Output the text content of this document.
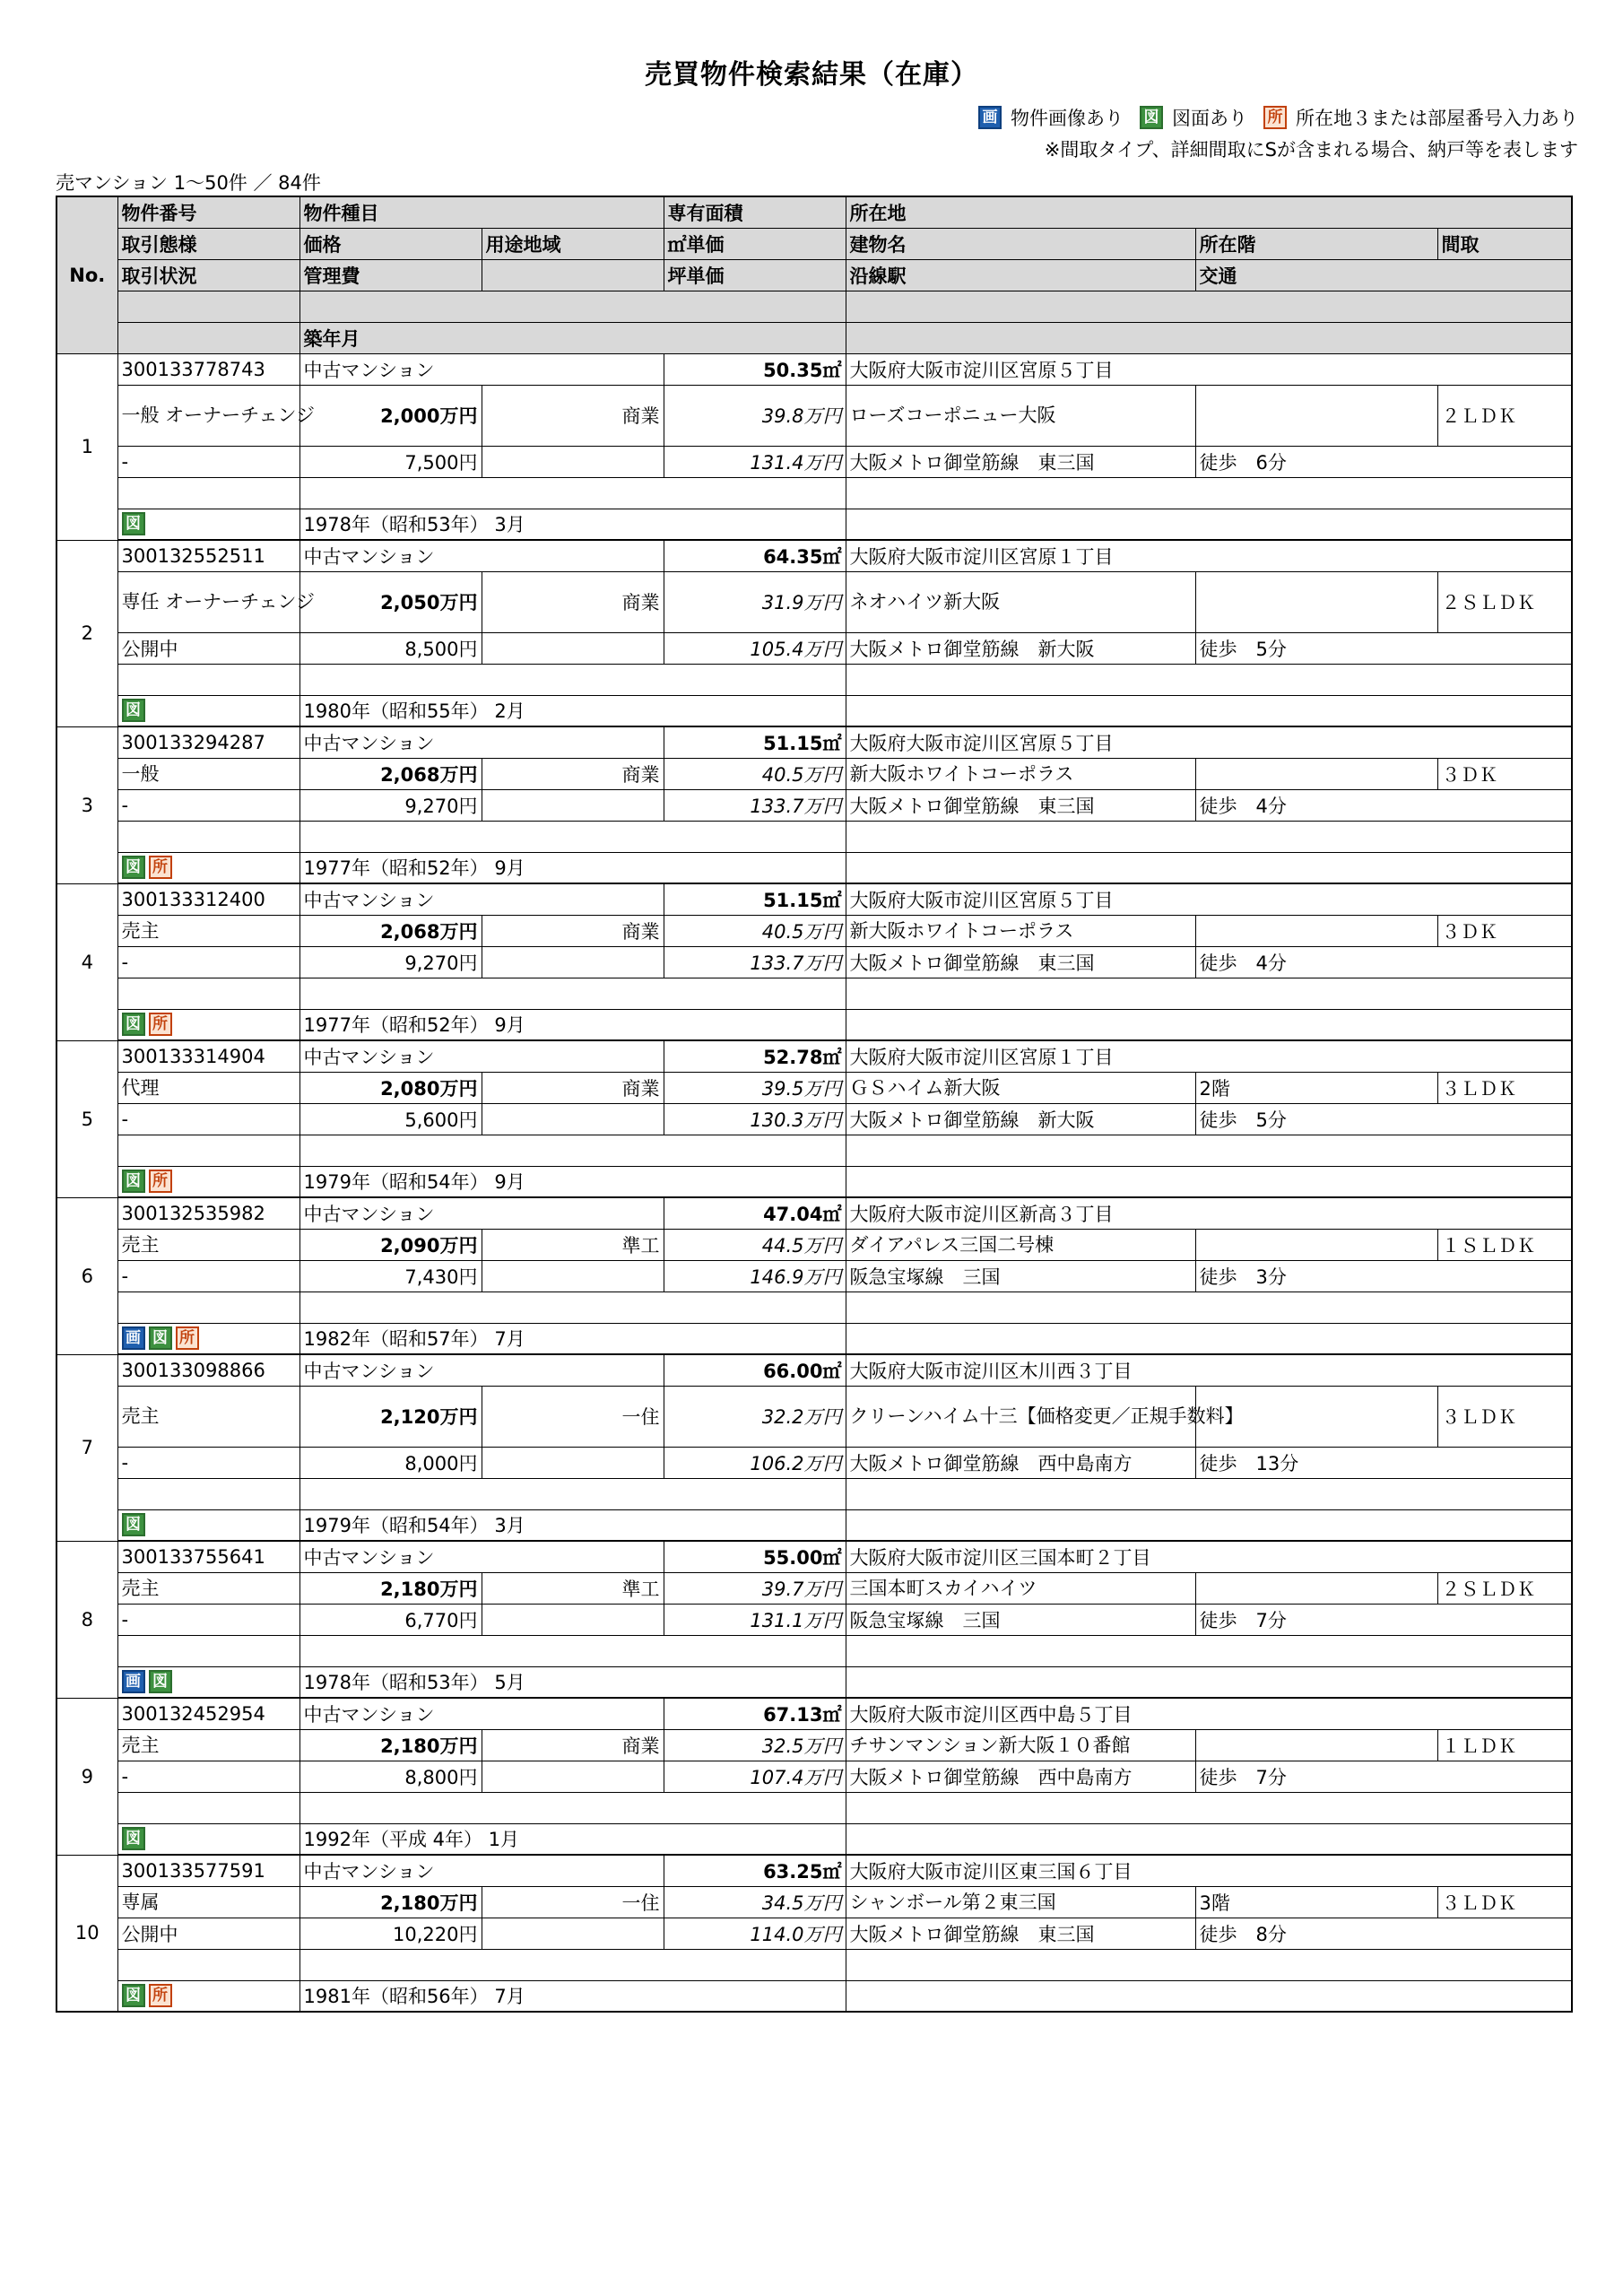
売買物件検索結果（在庫）
画 物件画像あり 図 図面あり 所 所在地３または部屋番号入力あり
※間取タイプ、詳細間取にSが含まれる場合、納戸等を表します
売マンション 1～50件 ／ 84件
No.	物件番号	物件種目		専有面積	所在地		
	取引態様	価格	用途地域	㎡単価	建物名	所在階	間取
	取引状況	管理費		坪単価	沿線駅	交通	

		築年月					
1	300133778743	中古マンション		50.35㎡	大阪府大阪市淀川区宮原５丁目		
	一般 オーナーチェンジ	2,000万円	商業	39.8万円	ローズコーポニュー大阪		２ＬＤＫ
	-	7,500円		131.4万円	大阪メトロ御堂筋線　東三国	徒歩　6分	

	図	1978年（昭和53年） 3月					
2	300132552511	中古マンション		64.35㎡	大阪府大阪市淀川区宮原１丁目		
	専任 オーナーチェンジ	2,050万円	商業	31.9万円	ネオハイツ新大阪		２ＳＬＤＫ
	公開中	8,500円		105.4万円	大阪メトロ御堂筋線　新大阪	徒歩　5分	

	図	1980年（昭和55年） 2月					
3	300133294287	中古マンション		51.15㎡	大阪府大阪市淀川区宮原５丁目		
	一般	2,068万円	商業	40.5万円	新大阪ホワイトコーポラス		３ＤＫ
	-	9,270円		133.7万円	大阪メトロ御堂筋線　東三国	徒歩　4分	

	図 所	1977年（昭和52年） 9月					
4	300133312400	中古マンション		51.15㎡	大阪府大阪市淀川区宮原５丁目		
	売主	2,068万円	商業	40.5万円	新大阪ホワイトコーポラス		３ＤＫ
	-	9,270円		133.7万円	大阪メトロ御堂筋線　東三国	徒歩　4分	

	図 所	1977年（昭和52年） 9月					
5	300133314904	中古マンション		52.78㎡	大阪府大阪市淀川区宮原１丁目		
	代理	2,080万円	商業	39.5万円	ＧＳハイム新大阪	2階	３ＬＤＫ
	-	5,600円		130.3万円	大阪メトロ御堂筋線　新大阪	徒歩　5分	

	図 所	1979年（昭和54年） 9月					
6	300132535982	中古マンション		47.04㎡	大阪府大阪市淀川区新高３丁目		
	売主	2,090万円	準工	44.5万円	ダイアパレス三国二号棟		１ＳＬＤＫ
	-	7,430円		146.9万円	阪急宝塚線　三国	徒歩　3分	

	画 図 所	1982年（昭和57年） 7月					
7	300133098866	中古マンション		66.00㎡	大阪府大阪市淀川区木川西３丁目		
	売主	2,120万円	一住	32.2万円	クリーンハイム十三【価格変更／正規手数料】		３ＬＤＫ
	-	8,000円		106.2万円	大阪メトロ御堂筋線　西中島南方	徒歩　13分	

	図	1979年（昭和54年） 3月					
8	300133755641	中古マンション		55.00㎡	大阪府大阪市淀川区三国本町２丁目		
	売主	2,180万円	準工	39.7万円	三国本町スカイハイツ		２ＳＬＤＫ
	-	6,770円		131.1万円	阪急宝塚線　三国	徒歩　7分	

	画 図	1978年（昭和53年） 5月					
9	300132452954	中古マンション		67.13㎡	大阪府大阪市淀川区西中島５丁目		
	売主	2,180万円	商業	32.5万円	チサンマンション新大阪１０番館		１ＬＤＫ
	-	8,800円		107.4万円	大阪メトロ御堂筋線　西中島南方	徒歩　7分	

	図	1992年（平成 4年） 1月					
10	300133577591	中古マンション		63.25㎡	大阪府大阪市淀川区東三国６丁目		
	専属	2,180万円	一住	34.5万円	シャンボール第２東三国	3階	３ＬＤＫ
	公開中	10,220円		114.0万円	大阪メトロ御堂筋線　東三国	徒歩　8分	

	図 所	1981年（昭和56年） 7月					
